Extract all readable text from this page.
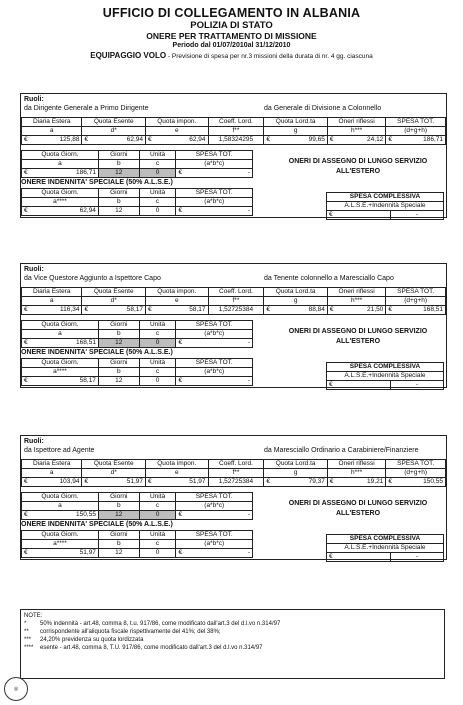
UFFICIO DI COLLEGAMENTO IN ALBANIA
POLIZIA DI STATO
ONERE PER TRATTAMENTO DI MISSIONE
Periodo dal 01/07/2010al 31/12/2010
EQUIPAGGIO VOLO - Previsione di spesa per nr.3 missioni della durata di nr. 4 gg. ciascuna
Ruoli:
da Dirigente Generale a Primo Dirigente	da Generale di Divisione a Colonnello
Diaria Estera	Quota Esente	Quota impon.	Coeff. Lord.	Quota Lord.ta	Oneri riflessi	SPESA TOT.
a	d*	e	f**	g	h***	(d+g+h)

€ 125,88	€ 62,94	€ 62,94	1,58324295	€ 99,65	€ 24,12	€ 186,71
Quota Giorn.	Giorni	Unità	SPESA TOT.
a	b	c	(a*b*c)

€ 186,71	12	0	€ -
ONERE INDENNITA' SPECIALE (50% A.L.S.E.)
Quota Giorn.	Giorni	Unità	SPESA TOT.
a****	b	c	(a*b*c)

€ 62,94	12	0	€ -
ONERI DI ASSEGNO DI LUNGO SERVIZIO ALL'ESTERO
SPESA COMPLESSIVA
A.L.S.E.+Indennità Speciale
€	-
Ruoli:
da Vice Questore Aggiunto a Ispettore Capo	da Tenente colonnello a Maresciallo Capo
Diaria Estera	Quota Esente	Quota impon.	Coeff. Lord.	Quota Lord.ta	Oneri riflessi	SPESA TOT.
a	d*	e	f**	g	h***	(d+g+h)

€ 116,34	€ 58,17	€ 58,17	1,52725384	€ 88,84	€ 21,50	€ 168,51
Quota Giorn.	Giorni	Unità	SPESA TOT.
a	b	c	(a*b*c)

€ 168,51	12	0	€ -
ONERE INDENNITA' SPECIALE (50% A.L.S.E.)
Quota Giorn.	Giorni	Unità	SPESA TOT.
a****	b	c	(a*b*c)

€ 58,17	12	0	€ -
ONERI DI ASSEGNO DI LUNGO SERVIZIO ALL'ESTERO
SPESA COMPLESSIVA
A.L.S.E.+Indennità Speciale
€	-
Ruoli:
da Ispettore ad Agente	da Maresciallo Ordinario a Carabiniere/Finanziere
Diaria Estera	Quota Esente	Quota impon.	Coeff. Lord.	Quota Lord.ta	Oneri riflessi	SPESA TOT.
a	d*	e	f**	g	h***	(d+g+h)

€ 103,94	€ 51,97	€ 51,97	1,52725384	€ 79,37	€ 19,21	€ 150,55
Quota Giorn.	Giorni	Unità	SPESA TOT.
a	b	c	(a*b*c)

€ 150,55	12	0	€ -
ONERE INDENNITA' SPECIALE (50% A.L.S.E.)
Quota Giorn.	Giorni	Unità	SPESA TOT.
a****	b	c	(a*b*c)

€ 51,97	12	0	€ -
ONERI DI ASSEGNO DI LUNGO SERVIZIO ALL'ESTERO
SPESA COMPLESSIVA
A.L.S.E.+Indennità Speciale
€	-
NOTE:
*	50% indennità - art.48, comma 8, t.u. 917/86, come modificato dall'art.3 del d.l.vo n.314/97
**	corrispondente all'aliquota fiscale rispettivamente del 41%; del 38%;
***	24,20% previdenza su quota lordizzata
****	esente - art.48, comma 8, T.U. 917/86, come modificato dall'art.3 del d.l.vo n.314/97
◎
